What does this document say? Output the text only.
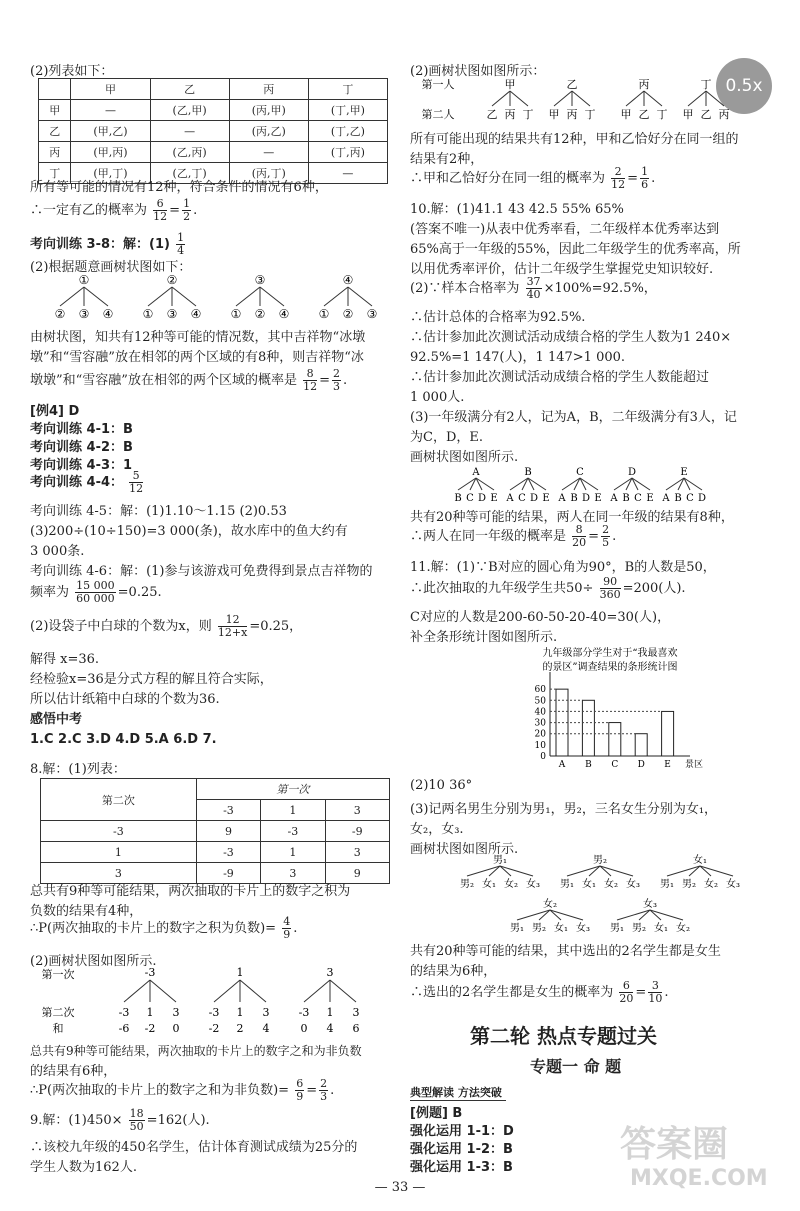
0.5x
(2)列表如下：
	甲	乙	丙	丁
甲	—	(乙,甲)	(丙,甲)	(丁,甲)
乙	(甲,乙)	—	(丙,乙)	(丁,乙)
丙	(甲,丙)	(乙,丙)	—	(丁,丙)
丁	(甲,丁)	(乙,丁)	(丙,丁)	—
所有等可能的情况有12种，符合条件的情况有6种，
∴一定有乙的概率为 $\frac{6}{12} = \frac{1}{2}$ .
考向训练 3-8：解：$(1) \frac{1}{4}$
(2)根据题意画树状图如下：
①
② ③ ④
②
① ③ ④
③
① ② ④
④
① ② ③
由树状图，知共有12种等可能的情况数，其中吉祥物“冰墩
墩”和“雪容融”放在相邻的两个区域的有8种，则吉祥物“冰
墩墩”和“雪容融”放在相邻的两个区域的概率是 $\frac{8}{12} = \frac{2}{3}$ .
[例4] D
考向训练 4-1：B
考向训练 4-2：B
考向训练 4-3：1
考向训练 4-4： $\frac{5}{12}$
考向训练 4-5：解：(1)1.10～1.15 (2)0.53
(3)200÷(10÷150)=3 000(条)，故水库中的鱼大约有
3 000条.
考向训练 4-6：解：(1)参与该游戏可免费得到景点吉祥物的
频率为 $\frac{15 000}{60 000} =0.25$.
(2)设袋子中白球的个数为x，则 $\frac{12}{12+x} =0.25$，
解得 x=36.
经检验x=36是分式方程的解且符合实际，
所以估计纸箱中白球的个数为36.
感悟中考
1.C 2.C 3.D 4.D 5.A 6.D 7.
8.解：(1)列表：
第二次	第一次		
	-3	1	3
-3	9	-3	-9
1	-3	1	3
3	-9	3	9
总共有9种等可能结果，两次抽取的卡片上的数字之积为
负数的结果有4种，
∴P(两次抽取的卡片上的数字之积为负数)= $\frac{4}{9}$ .
(2)画树状图如图所示.
第一次
第二次
和
-3
-3
-6
1
-2
3
0
1
-3
-2
1
2
3
4
3
-3
0
1
4
3
6
总共有9种等可能结果，两次抽取的卡片上的数字之和为非负数
的结果有6种，
∴P(两次抽取的卡片上的数字之和为非负数)= $\frac{6}{9} = \frac{2}{3}$ .
9.解：$(1)450\times \frac{18}{50} =162$(人).
∴该校九年级的450名学生，估计体育测试成绩为25分的
学生人数为162人.
(2)画树状图如图所示：
第一人
第二人
甲
乙 丙 丁
乙
甲 丙 丁
丙
甲 乙 丁
丁
甲 乙 丙
所有可能出现的结果共有12种，甲和乙恰好分在同一组的
结果有2种，
∴甲和乙恰好分在同一组的概率为 $\frac{2}{12} = \frac{1}{6}$ .
10.解：(1)41.1 43 42.5 55% 65%
(答案不唯一)从表中优秀率看，二年级样本优秀率达到
65%高于一年级的55%，因此二年级学生的优秀率高，所
以用优秀率评价，估计二年级学生掌握党史知识较好.
(2)∵样本合格率为 $\frac{37}{40} \times 100\%=92.5\%$，
∴估计总体的合格率为92.5%.
∴估计参加此次测试活动成绩合格的学生人数为1 240×
92.5%=1 147(人)，1 147>1 000.
∴估计参加此次测试活动成绩合格的学生人数能超过
1 000人.
(3)一年级满分有2人，记为A，B，二年级满分有3人，记
为C，D，E.
画树状图如图所示.
A
B C D E
B
A C D E
C
A B D E
D
A B C E
E
A B C D
共有20种等可能的结果，两人在同一年级的结果有8种，
∴两人在同一年级的概率是 $\frac{8}{20} = \frac{2}{5}$ .
11.解：(1)∵B对应的圆心角为90°，B的人数是50，
∴此次抽取的九年级学生共$50\div \frac{90}{360} =200$(人).
C对应的人数是200-60-50-20-40=30(人)，
补全条形统计图如图所示.
九年级部分学生对于“我最喜欢
的景区”调查结果的条形统计图
0
10
20
30
40
50
60
A B C D E 景区
(2)10 36°
(3)记两名男生分别为男₁，男₂，三名女生分别为女₁，
女₂，女₃.
画树状图如图所示.
男₁
男₂ 女₁ 女₂ 女₃
男₂
男₁ 女₁ 女₂ 女₃
女₁
男₁ 男₂ 女₂ 女₃
女₂
男₁ 男₂ 女₁ 女₃
女₃
男₁ 男₂ 女₁ 女₂
共有20种等可能的结果，其中选出的2名学生都是女生
的结果为6种，
∴选出的2名学生都是女生的概率为 $\frac{6}{20} = \frac{3}{10}$ .
第二轮 热点专题过关
专题一 命 题
典型解读 方法突破
[例题] B
强化运用 1-1：D
强化运用 1-2：B
强化运用 1-3：B
答案圈
MXQE.COM
— 33 —
